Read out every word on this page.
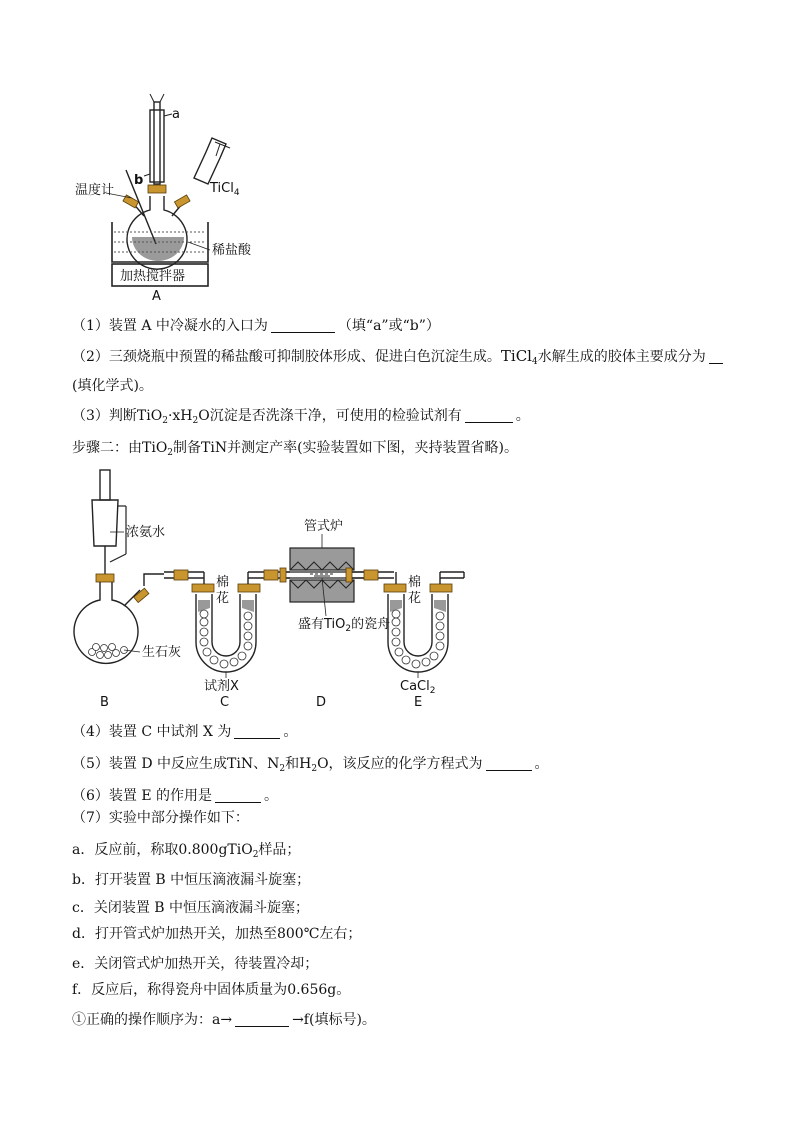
a
b
TiCl$_4$
温度计
稀盐酸
加热搅拌器
A
（1）装置 A 中冷凝水的入口为	（填“a”或“b”）
（2）三颈烧瓶中预置的稀盐酸可抑制胶体形成、促进白色沉淀生成。TiCl$_4$水解生成的胶体主要成分为
(填化学式)。
（3）判断$TiO_2\cdot xH_2O$沉淀是否洗涤干净，可使用的检验试剂有	。
步骤二：由TiO$_2$制备TiN并测定产率(实验装置如下图，夹持装置省略)。
浓氨水
生石灰
B
棉
花
试剂X
C
管式炉
盛有TiO$_2$的瓷舟
D
棉
花
CaCl$_2$
E
（4）装置 C 中试剂 X 为	。
（5）装置 D 中反应生成TiN、$N_2$和$H_2O$，该反应的化学方程式为	。
（6）装置 E 的作用是	。
（7）实验中部分操作如下：
a．反应前，称取0.800gTiO$_2$样品；
b．打开装置 B 中恒压滴液漏斗旋塞；
c．关闭装置 B 中恒压滴液漏斗旋塞；
d．打开管式炉加热开关，加热至800℃左右；
e．关闭管式炉加热开关，待装置冷却；
f．反应后，称得瓷舟中固体质量为0.656g。
①正确的操作顺序为：a→	→f(填标号)。
